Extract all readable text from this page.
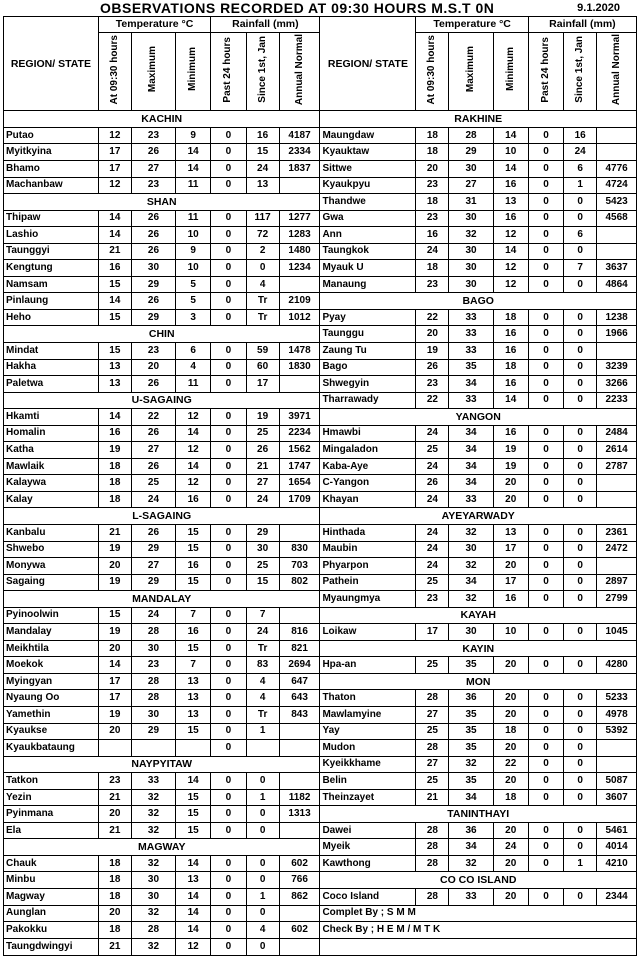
OBSERVATIONS RECORDED AT 09:30 HOURS M.S.T 0N	9.1.2020
REGION/ STATE	Temperature °C			Rainfall (mm)			REGION/ STATE	Temperature °C			Rainfall (mm)		
	At 09:30 hours	Maximum	Minimum	Past 24 hours	Since 1st, Jan	Annual Normal		At 09:30 hours	Maximum	Minimum	Past 24 hours	Since 1st, Jan	Annual Normal
KACHIN							RAKHINE						
Putao	12	23	9	0	16	4187	Maungdaw	18	28	14	0	16	
Myitkyina	17	26	14	0	15	2334	Kyauktaw	18	29	10	0	24	
Bhamo	17	27	14	0	24	1837	Sittwe	20	30	14	0	6	4776
Machanbaw	12	23	11	0	13		Kyaukpyu	23	27	16	0	1	4724
SHAN							Thandwe	18	31	13	0	0	5423
Thipaw	14	26	11	0	117	1277	Gwa	23	30	16	0	0	4568
Lashio	14	26	10	0	72	1283	Ann	16	32	12	0	6	
Taunggyi	21	26	9	0	2	1480	Taungkok	24	30	14	0	0	
Kengtung	16	30	10	0	0	1234	Myauk U	18	30	12	0	7	3637
Namsam	15	29	5	0	4		Manaung	23	30	12	0	0	4864
Pinlaung	14	26	5	0	Tr	2109	BAGO						
Heho	15	29	3	0	Tr	1012	Pyay	22	33	18	0	0	1238
CHIN							Taunggu	20	33	16	0	0	1966
Mindat	15	23	6	0	59	1478	Zaung Tu	19	33	16	0	0	
Hakha	13	20	4	0	60	1830	Bago	26	35	18	0	0	3239
Paletwa	13	26	11	0	17		Shwegyin	23	34	16	0	0	3266
U-SAGAING							Tharrawady	22	33	14	0	0	2233
Hkamti	14	22	12	0	19	3971	YANGON						
Homalin	16	26	14	0	25	2234	Hmawbi	24	34	16	0	0	2484
Katha	19	27	12	0	26	1562	Mingaladon	25	34	19	0	0	2614
Mawlaik	18	26	14	0	21	1747	Kaba-Aye	24	34	19	0	0	2787
Kalaywa	18	25	12	0	27	1654	C-Yangon	26	34	20	0	0	
Kalay	18	24	16	0	24	1709	Khayan	24	33	20	0	0	
L-SAGAING							AYEYARWADY						
Kanbalu	21	26	15	0	29		Hinthada	24	32	13	0	0	2361
Shwebo	19	29	15	0	30	830	Maubin	24	30	17	0	0	2472
Monywa	20	27	16	0	25	703	Phyarpon	24	32	20	0	0	
Sagaing	19	29	15	0	15	802	Pathein	25	34	17	0	0	2897
MANDALAY							Myaungmya	23	32	16	0	0	2799
Pyinoolwin	15	24	7	0	7		KAYAH						
Mandalay	19	28	16	0	24	816	Loikaw	17	30	10	0	0	1045
Meikhtila	20	30	15	0	Tr	821	KAYIN						
Moekok	14	23	7	0	83	2694	Hpa-an	25	35	20	0	0	4280
Myingyan	17	28	13	0	4	647	MON						
Nyaung Oo	17	28	13	0	4	643	Thaton	28	36	20	0	0	5233
Yamethin	19	30	13	0	Tr	843	Mawlamyine	27	35	20	0	0	4978
Kyaukse	20	29	15	0	1		Yay	25	35	18	0	0	5392
Kyaukbataung				0			Mudon	28	35	20	0	0	
NAYPYITAW							Kyeikkhame	27	32	22	0	0	
Tatkon	23	33	14	0	0		Belin	25	35	20	0	0	5087
Yezin	21	32	15	0	1	1182	Theinzayet	21	34	18	0	0	3607
Pyinmana	20	32	15	0	0	1313	TANINTHAYI						
Ela	21	32	15	0	0		Dawei	28	36	20	0	0	5461
MAGWAY							Myeik	28	34	24	0	0	4014
Chauk	18	32	14	0	0	602	Kawthong	28	32	20	0	1	4210
Minbu	18	30	13	0	0	766	CO CO ISLAND						
Magway	18	30	14	0	1	862	Coco Island	28	33	20	0	0	2344
Aunglan	20	32	14	0	0		Complet By ; S M M						
Pakokku	18	28	14	0	4	602	Check By ; H E M / M T K						
Taungdwingyi	21	32	12	0	0								
